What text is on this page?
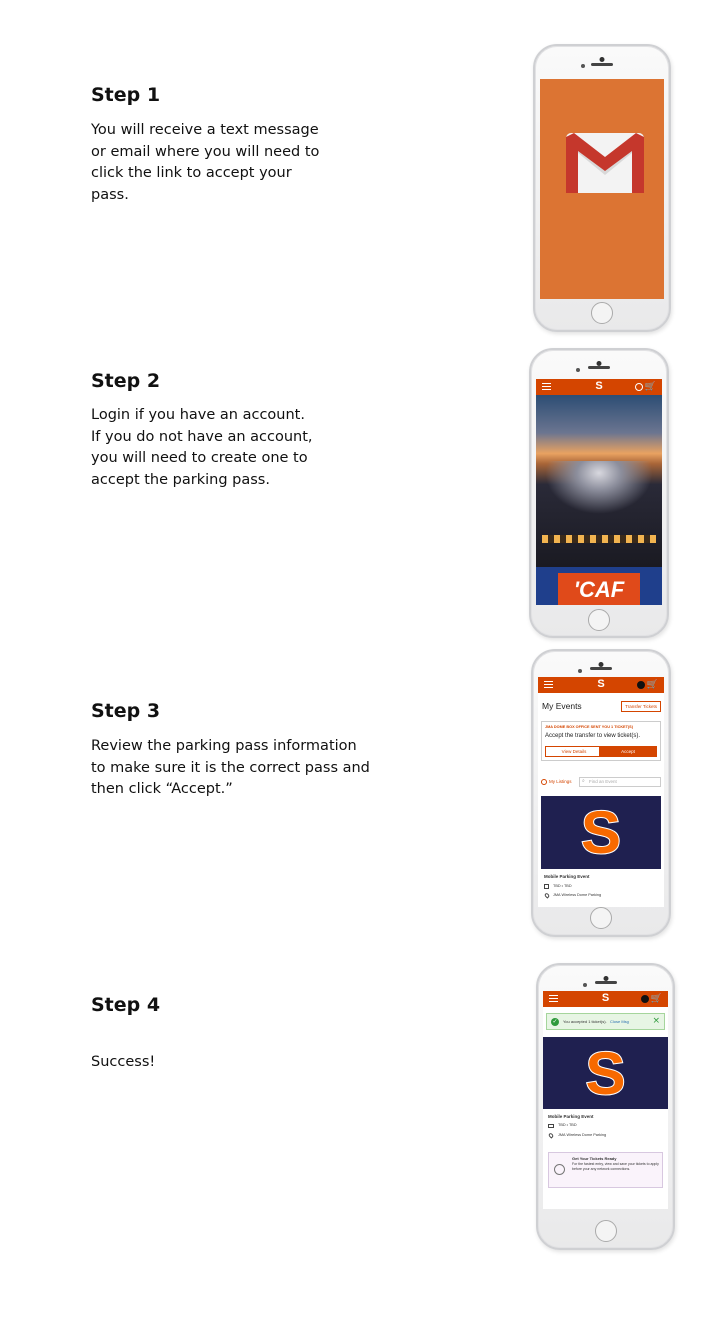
Step 1
You will receive a text message
or email where you will need to
click the link to accept your
pass.
Step 2
Login if you have an account.
If you do not have an account,
you will need to create one to
accept the parking pass.
S	🛒
'CAF
Step 3
Review the parking pass information
to make sure it is the correct pass and
then click “Accept.”
S	🛒
My Events	Transfer Tickets
JMA DOME BOX OFFICE SENT YOU 1 TICKET(S)
Accept the transfer to view ticket(s).
View Details	Accept
My Listings ⌕ Find an Event
S
Mobile Parking Event
TBD • TBD
JMA Wireless Dome Parking
Step 4
Success!
S	🛒
✓	You accepted 1 ticket(s). Close Msg	×
S
Mobile Parking Event
TBD • TBD
JMA Wireless Dome Parking
Get Your Tickets Ready
For the fastest entry, view and save your tickets to apply before your any network connections.
